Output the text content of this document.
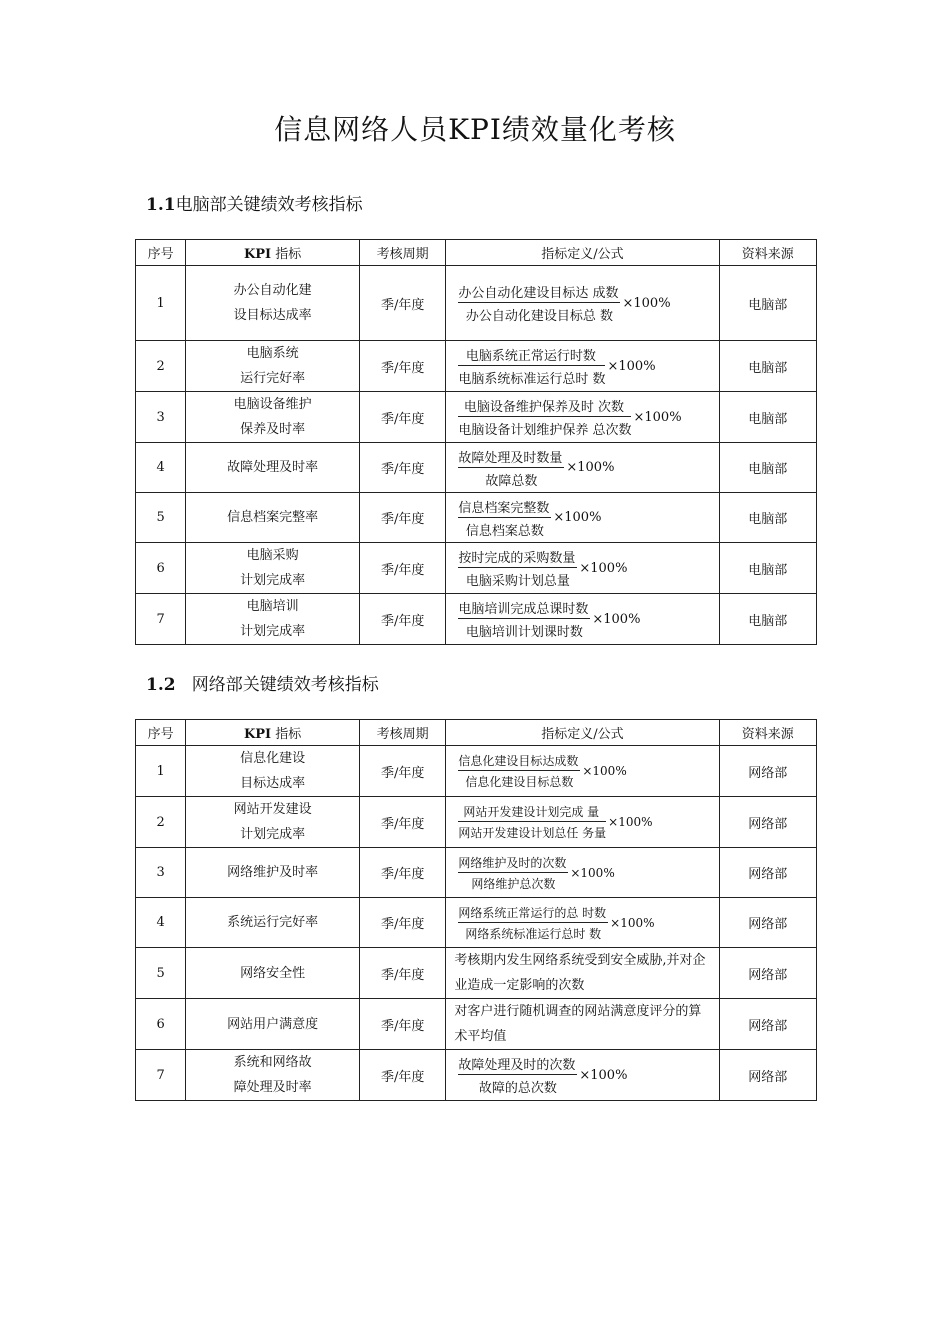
信息网络人员KPI绩效量化考核
1.1电脑部关键绩效考核指标
序号	KPI 指标	考核周期	指标定义/公式	资料来源
1	办公自动化建
设目标达成率	季/年度	$\frac{\text{办公自动化建设目标达 成数}}{\text{办公自动化建设目标总 数}} \times 100\%$	电脑部
2	电脑系统
运行完好率	季/年度	$\frac{\text{电脑系统正常运行时数}}{\text{电脑系统标准运行总时 数}} \times 100\%$	电脑部
3	电脑设备维护
保养及时率	季/年度	$\frac{\text{电脑设备维护保养及时 次数}}{\text{电脑设备计划维护保养 总次数}} \times 100\%$	电脑部
4	故障处理及时率	季/年度	$\frac{\text{故障处理及时数量}}{\text{故障总数}} \times 100\%$	电脑部
5	信息档案完整率	季/年度	$\frac{\text{信息档案完整数}}{\text{信息档案总数}} \times 100\%$	电脑部
6	电脑采购
计划完成率	季/年度	$\frac{\text{按时完成的采购数量}}{\text{电脑采购计划总量}} \times 100\%$	电脑部
7	电脑培训
计划完成率	季/年度	$\frac{\text{电脑培训完成总课时数}}{\text{电脑培训计划课时数}} \times 100\%$	电脑部
1.2 网络部关键绩效考核指标
序号	KPI 指标	考核周期	指标定义/公式	资料来源
1	信息化建设
目标达成率	季/年度	$\frac{\text{信息化建设目标达成数}}{\text{信息化建设目标总数}} \times 100\%$	网络部
2	网站开发建设
计划完成率	季/年度	$\frac{\text{网站开发建设计划完成 量}}{\text{网站开发建设计划总任 务量}} \times 100\%$	网络部
3	网络维护及时率	季/年度	$\frac{\text{网络维护及时的次数}}{\text{网络维护总次数}} \times 100\%$	网络部
4	系统运行完好率	季/年度	$\frac{\text{网络系统正常运行的总 时数}}{\text{网络系统标准运行总时 数}} \times 100\%$	网络部
5	网络安全性	季/年度	考核期内发生网络系统受到安全威胁,并对企业造成一定影响的次数	网络部
6	网站用户满意度	季/年度	对客户进行随机调查的网站满意度评分的算术平均值	网络部
7	系统和网络故
障处理及时率	季/年度	$\frac{\text{故障处理及时的次数}}{\text{故障的总次数}} \times 100\%$	网络部
